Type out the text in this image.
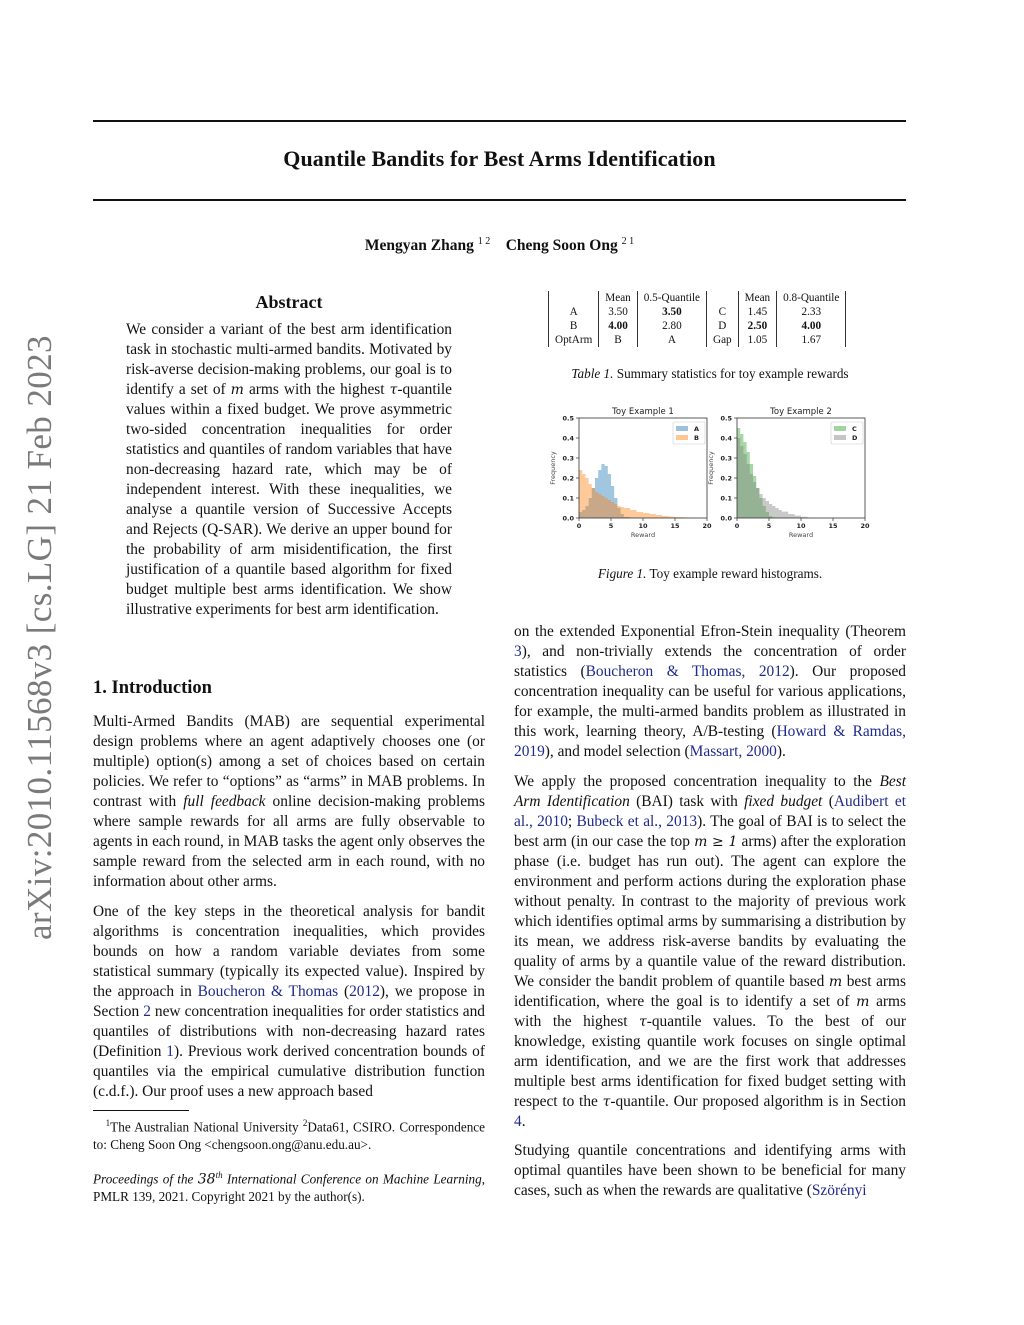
Quantile Bandits for Best Arms Identification
Mengyan Zhang $^{1 2}$ Cheng Soon Ong $^{2 1}$
arXiv:2010.11568v3 [cs.LG] 21 Feb 2023
Abstract
We consider a variant of the best arm identification task in stochastic multi-armed bandits. Motivated by risk-averse decision-making problems, our goal is to identify a set of m arms with the highest τ-quantile values within a fixed budget. We prove asymmetric two-sided concentration inequalities for order statistics and quantiles of random variables that have non-decreasing hazard rate, which may be of independent interest. With these inequalities, we analyse a quantile version of Successive Accepts and Rejects (Q-SAR). We derive an upper bound for the probability of arm misidentification, the first justification of a quantile based algorithm for fixed budget multiple best arms identification. We show illustrative experiments for best arm identification.
1. Introduction
Multi-Armed Bandits (MAB) are sequential experimental design problems where an agent adaptively chooses one (or multiple) option(s) among a set of choices based on certain policies. We refer to “options” as “arms” in MAB problems. In contrast with full feedback online decision-making problems where sample rewards for all arms are fully observable to agents in each round, in MAB tasks the agent only observes the sample reward from the selected arm in each round, with no information about other arms.
One of the key steps in the theoretical analysis for bandit algorithms is concentration inequalities, which provides bounds on how a random variable deviates from some statistical summary (typically its expected value). Inspired by the approach in Boucheron & Thomas (2012), we propose in Section 2 new concentration inequalities for order statistics and quantiles of distributions with non-decreasing hazard rates (Definition 1). Previous work derived concentration bounds of quantiles via the empirical cumulative distribution function (c.d.f.). Our proof uses a new approach based
$^1$The Australian National University $^2$Data61, CSIRO. Correspondence to: Cheng Soon Ong <chengsoon.ong@anu.edu.au>.
Proceedings of the 38th International Conference on Machine Learning, PMLR 139, 2021. Copyright 2021 by the author(s).
	Mean	0.5-Quantile		Mean	0.8-Quantile
A	3.50	3.50	C	1.45	2.33
B	4.00	2.80	D	2.50	4.00
OptArm	B	A	Gap	1.05	1.67
Table 1. Summary statistics for toy example rewards
Toy Example 1
0.0
0.1
0.2
0.3
0.4
0.5
0	5	10	15	20
Reward
Frequency
A
B
Toy Example 2
0.0
0.1
0.2
0.3
0.4
0.5
0	5	10	15	20
Reward
Frequency
C
D
Figure 1. Toy example reward histograms.
on the extended Exponential Efron-Stein inequality (Theorem 3), and non-trivially extends the concentration of order statistics (Boucheron & Thomas, 2012). Our proposed concentration inequality can be useful for various applications, for example, the multi-armed bandits problem as illustrated in this work, learning theory, A/B-testing (Howard & Ramdas, 2019), and model selection (Massart, 2000).
We apply the proposed concentration inequality to the Best Arm Identification (BAI) task with fixed budget (Audibert et al., 2010; Bubeck et al., 2013). The goal of BAI is to select the best arm (in our case the top m ≥ 1 arms) after the exploration phase (i.e. budget has run out). The agent can explore the environment and perform actions during the exploration phase without penalty. In contrast to the majority of previous work which identifies optimal arms by summarising a distribution by its mean, we address risk-averse bandits by evaluating the quality of arms by a quantile value of the reward distribution. We consider the bandit problem of quantile based m best arms identification, where the goal is to identify a set of m arms with the highest τ-quantile values. To the best of our knowledge, existing quantile work focuses on single optimal arm identification, and we are the first work that addresses multiple best arms identification for fixed budget setting with respect to the τ-quantile. Our proposed algorithm is in Section 4.
Studying quantile concentrations and identifying arms with optimal quantiles have been shown to be beneficial for many cases, such as when the rewards are qualitative (Szörényi
